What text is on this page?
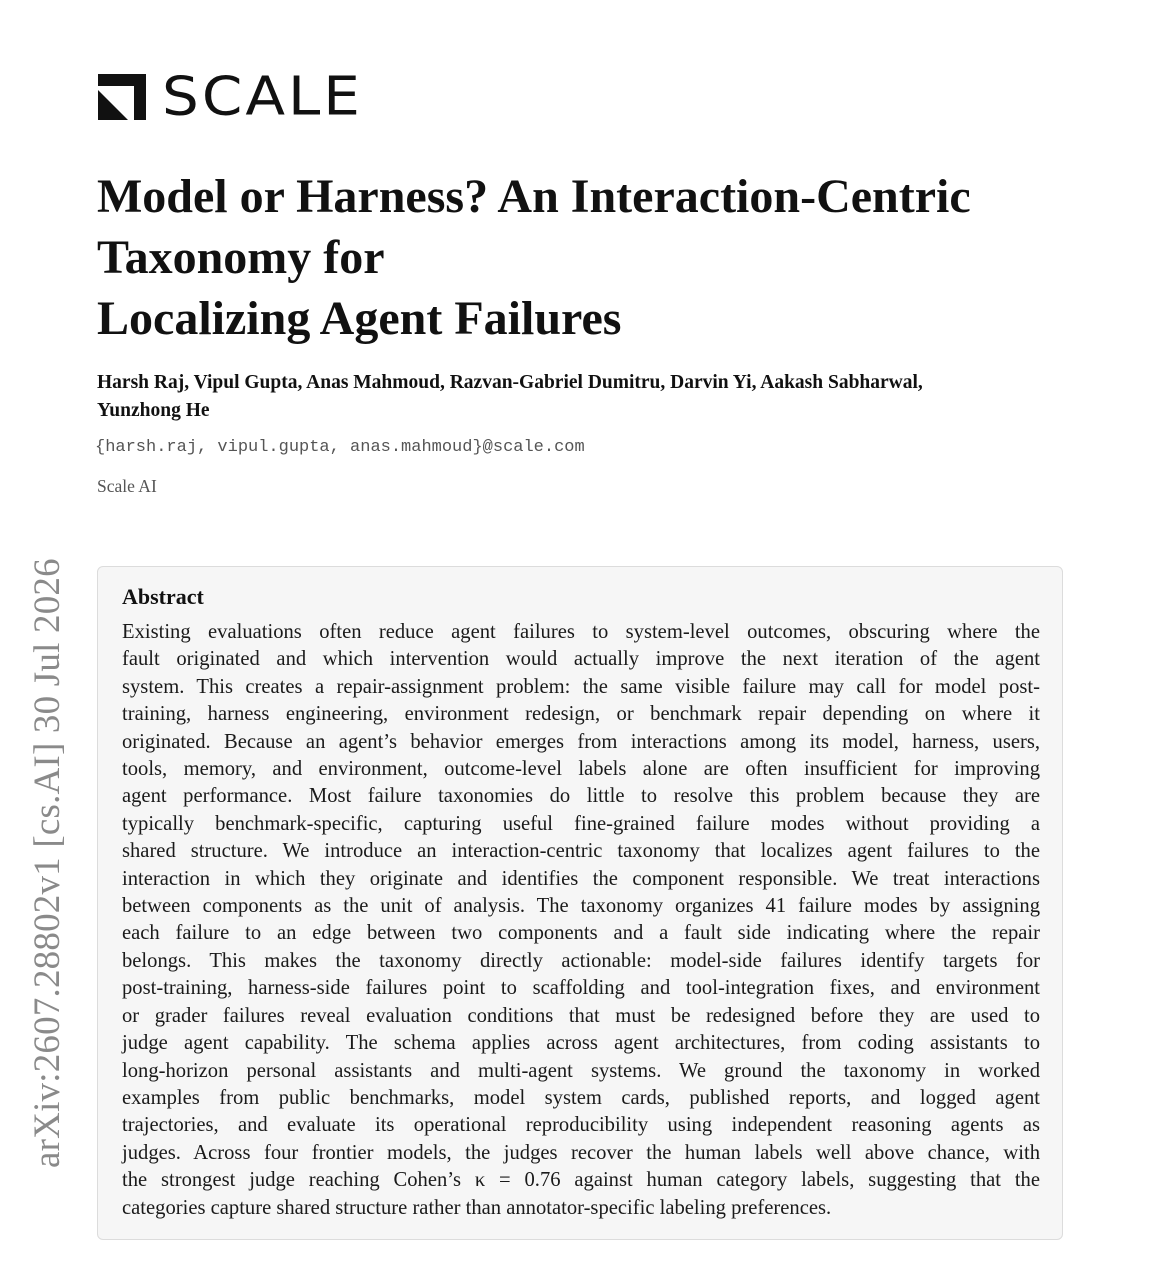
arXiv:2607.28802v1 [cs.AI] 30 Jul 2026
SCALE
Model or Harness? An Interaction-Centric
Taxonomy for
Localizing Agent Failures
Harsh Raj, Vipul Gupta, Anas Mahmoud, Razvan-Gabriel Dumitru, Darvin Yi, Aakash Sabharwal,
Yunzhong He
{harsh.raj, vipul.gupta, anas.mahmoud}@scale.com
Scale AI
Abstract
Existing evaluations often reduce agent failures to system-level outcomes, obscuring where the
fault originated and which intervention would actually improve the next iteration of the agent
system. This creates a repair-assignment problem: the same visible failure may call for model post-
training, harness engineering, environment redesign, or benchmark repair depending on where it
originated. Because an agent’s behavior emerges from interactions among its model, harness, users,
tools, memory, and environment, outcome-level labels alone are often insufficient for improving
agent performance. Most failure taxonomies do little to resolve this problem because they are
typically benchmark-specific, capturing useful fine-grained failure modes without providing a
shared structure. We introduce an interaction-centric taxonomy that localizes agent failures to the
interaction in which they originate and identifies the component responsible. We treat interactions
between components as the unit of analysis. The taxonomy organizes 41 failure modes by assigning
each failure to an edge between two components and a fault side indicating where the repair
belongs. This makes the taxonomy directly actionable: model-side failures identify targets for
post-training, harness-side failures point to scaffolding and tool-integration fixes, and environment
or grader failures reveal evaluation conditions that must be redesigned before they are used to
judge agent capability. The schema applies across agent architectures, from coding assistants to
long-horizon personal assistants and multi-agent systems. We ground the taxonomy in worked
examples from public benchmarks, model system cards, published reports, and logged agent
trajectories, and evaluate its operational reproducibility using independent reasoning agents as
judges. Across four frontier models, the judges recover the human labels well above chance, with
the strongest judge reaching Cohen’s κ = 0.76 against human category labels, suggesting that the
categories capture shared structure rather than annotator-specific labeling preferences.
